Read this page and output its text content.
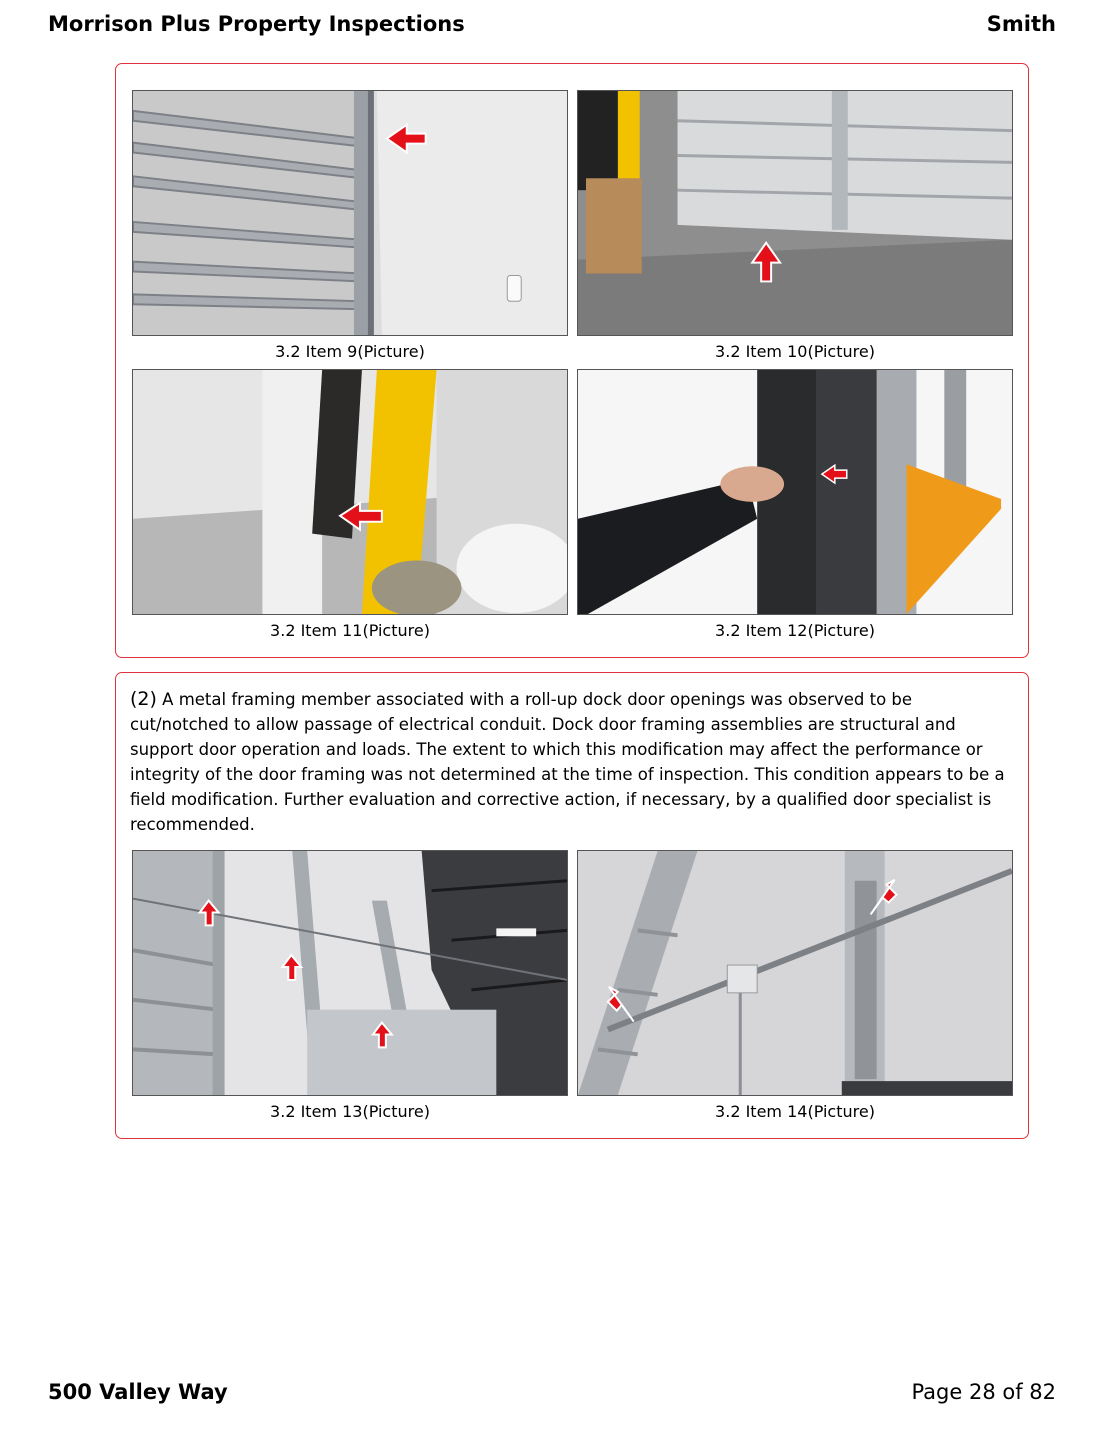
Morrison Plus Property Inspections	Smith
3.2 Item 9(Picture)	3.2 Item 10(Picture)
3.2 Item 11(Picture)	3.2 Item 12(Picture)
(2) A metal framing member associated with a roll-up dock door openings was observed to be cut/notched to allow passage of electrical conduit. Dock door framing assemblies are structural and support door operation and loads. The extent to which this modification may affect the performance or integrity of the door framing was not determined at the time of inspection. This condition appears to be a field modification. Further evaluation and corrective action, if necessary, by a qualified door specialist is recommended.
3.2 Item 13(Picture)	3.2 Item 14(Picture)
500 Valley Way	Page 28 of 82
